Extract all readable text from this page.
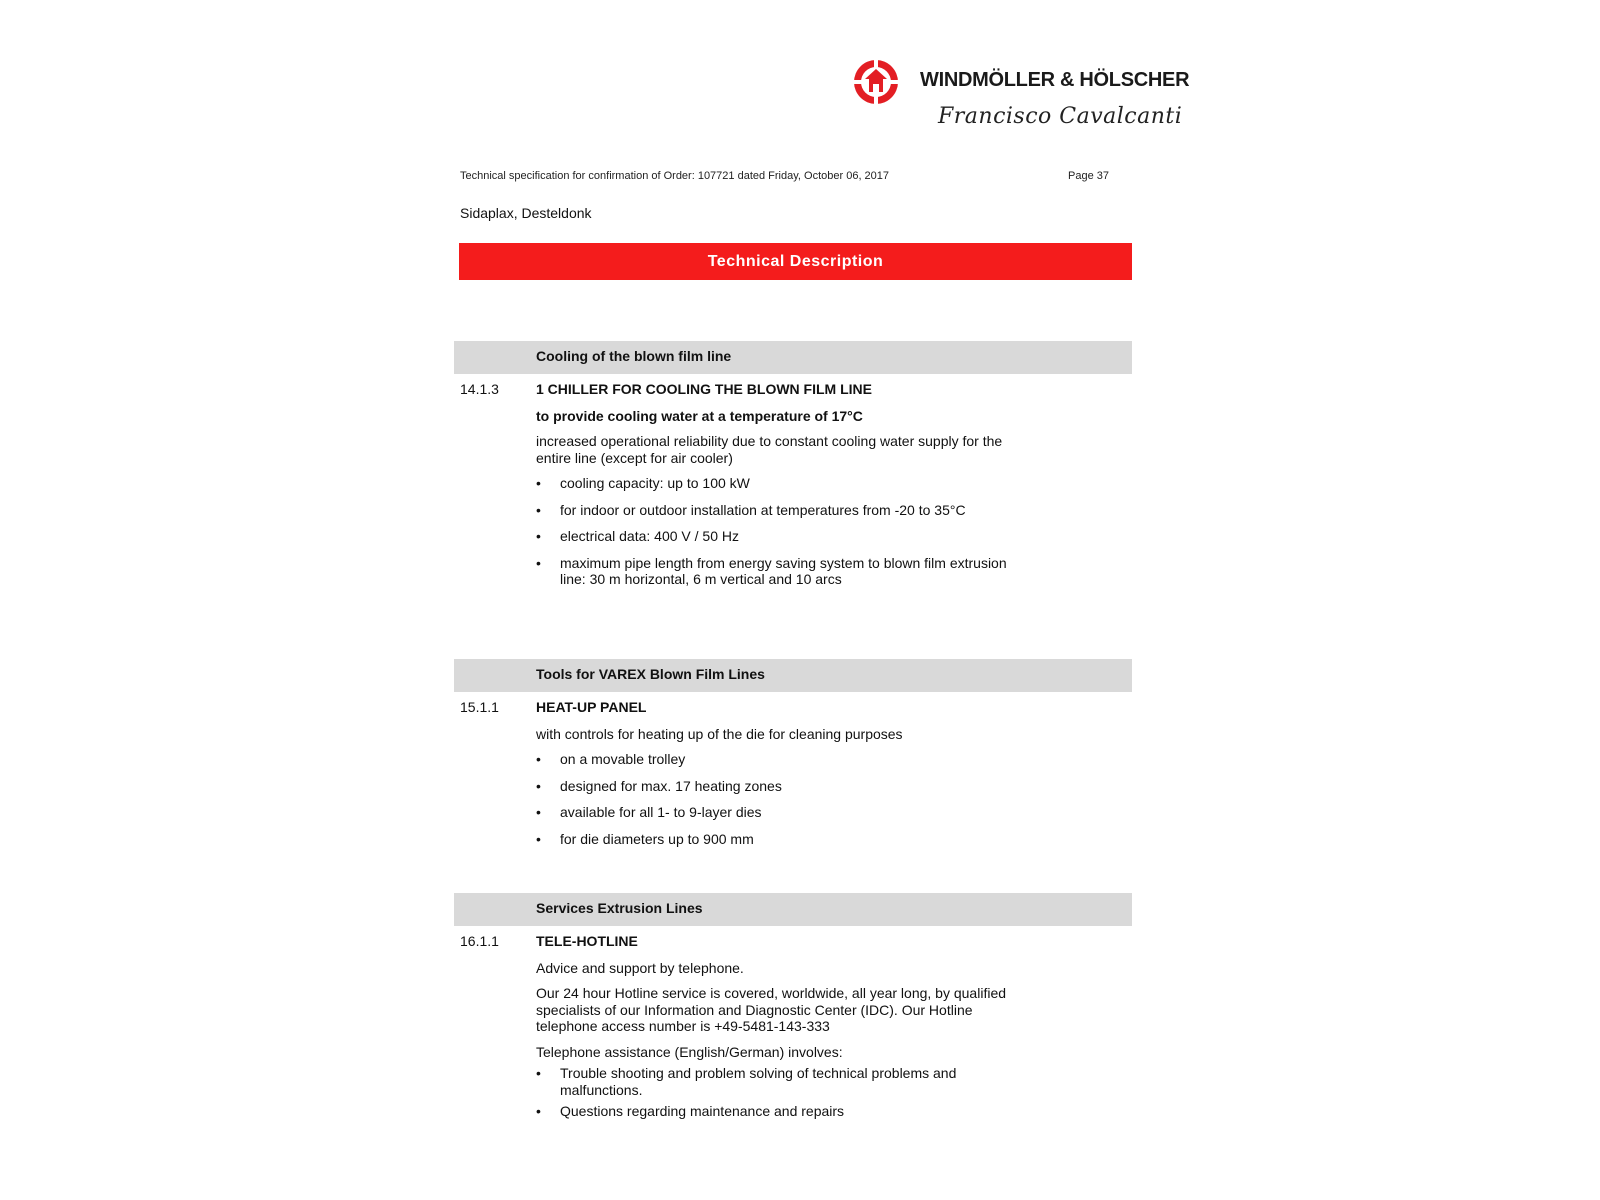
WINDMÖLLER & HÖLSCHER
Francisco Cavalcanti
Technical specification for confirmation of Order: 107721 dated Friday, October 06, 2017	Page 37
Sidaplax, Desteldonk
Technical Description
Cooling of the blown film line
14.1.3	1 CHILLER FOR COOLING THE BLOWN FILM LINE

to provide cooling water at a temperature of 17°C

increased operational reliability due to constant cooling water supply for the entire line (except for air cooler)

• cooling capacity: up to 100 kW
• for indoor or outdoor installation at temperatures from -20 to 35°C
• electrical data: 400 V / 50 Hz
• maximum pipe length from energy saving system to blown film extrusion line: 30 m horizontal, 6 m vertical and 10 arcs
Tools for VAREX Blown Film Lines
15.1.1	HEAT-UP PANEL

with controls for heating up of the die for cleaning purposes

• on a movable trolley
• designed for max. 17 heating zones
• available for all 1- to 9-layer dies
• for die diameters up to 900 mm
Services Extrusion Lines
16.1.1	TELE-HOTLINE

Advice and support by telephone.

Our 24 hour Hotline service is covered, worldwide, all year long, by qualified specialists of our Information and Diagnostic Center (IDC). Our Hotline telephone access number is +49-5481-143-333

Telephone assistance (English/German) involves:

• Trouble shooting and problem solving of technical problems and malfunctions.
• Questions regarding maintenance and repairs
